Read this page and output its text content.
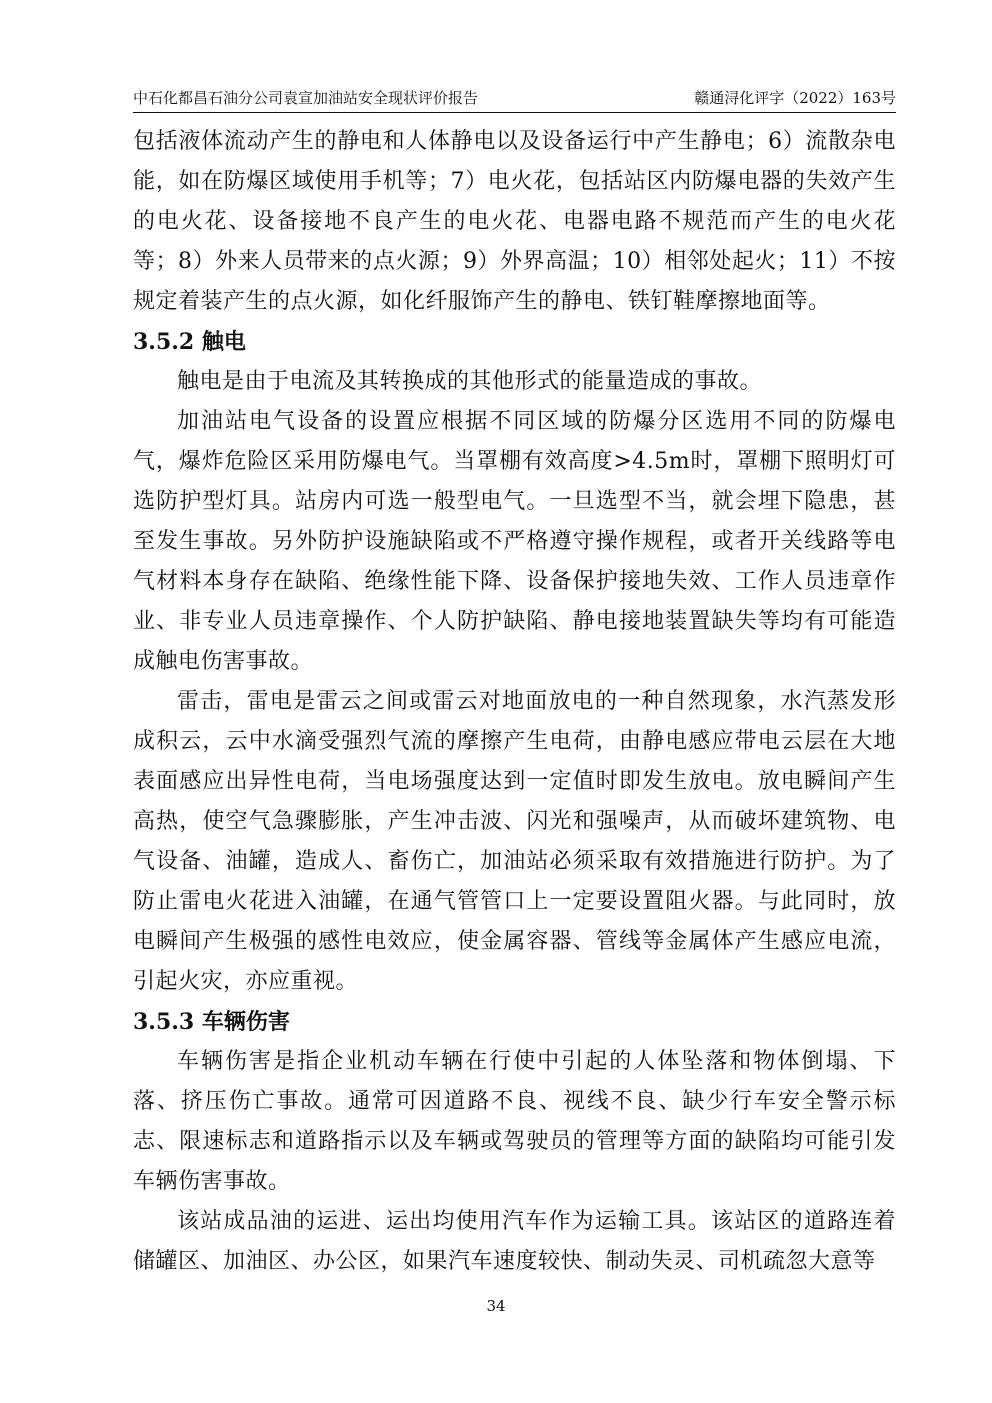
中石化都昌石油分公司袁宣加油站安全现状评价报告	赣通浔化评字（2022）163号

包括液体流动产生的静电和人体静电以及设备运行中产生静电；6）流散杂电能，如在防爆区域使用手机等；7）电火花，包括站区内防爆电器的失效产生的电火花、设备接地不良产生的电火花、电器电路不规范而产生的电火花等；8）外来人员带来的点火源；9）外界高温；10）相邻处起火；11）不按规定着装产生的点火源，如化纤服饰产生的静电、铁钉鞋摩擦地面等。

3.5.2 触电

触电是由于电流及其转换成的其他形式的能量造成的事故。

加油站电气设备的设置应根据不同区域的防爆分区选用不同的防爆电气，爆炸危险区采用防爆电气。当罩棚有效高度>4.5m时，罩棚下照明灯可选防护型灯具。站房内可选一般型电气。一旦选型不当，就会埋下隐患，甚至发生事故。另外防护设施缺陷或不严格遵守操作规程，或者开关线路等电气材料本身存在缺陷、绝缘性能下降、设备保护接地失效、工作人员违章作业、非专业人员违章操作、个人防护缺陷、静电接地装置缺失等均有可能造成触电伤害事故。

雷击，雷电是雷云之间或雷云对地面放电的一种自然现象，水汽蒸发形成积云，云中水滴受强烈气流的摩擦产生电荷，由静电感应带电云层在大地表面感应出异性电荷，当电场强度达到一定值时即发生放电。放电瞬间产生高热，使空气急骤膨胀，产生冲击波、闪光和强噪声，从而破坏建筑物、电气设备、油罐，造成人、畜伤亡，加油站必须采取有效措施进行防护。为了防止雷电火花进入油罐，在通气管管口上一定要设置阻火器。与此同时，放电瞬间产生极强的感性电效应，使金属容器、管线等金属体产生感应电流，引起火灾，亦应重视。

3.5.3 车辆伤害

车辆伤害是指企业机动车辆在行使中引起的人体坠落和物体倒塌、下落、挤压伤亡事故。通常可因道路不良、视线不良、缺少行车安全警示标志、限速标志和道路指示以及车辆或驾驶员的管理等方面的缺陷均可能引发车辆伤害事故。

该站成品油的运进、运出均使用汽车作为运输工具。该站区的道路连着储罐区、加油区、办公区，如果汽车速度较快、制动失灵、司机疏忽大意等

34
